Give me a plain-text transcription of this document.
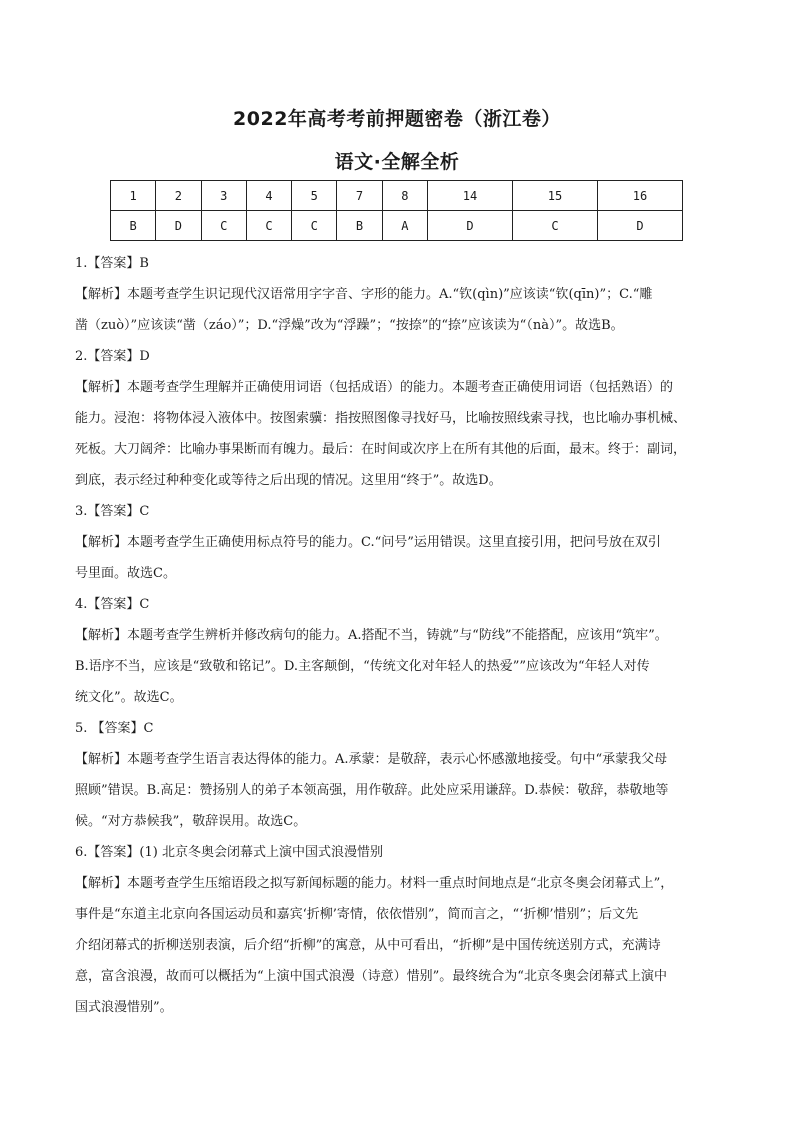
2022年高考考前押题密卷（浙江卷）
语文·全解全析
1	2	3	4	5	7	8	14	15	16
B	D	C	C	C	B	A	D	C	D
1.【答案】B
【解析】本题考查学生识记现代汉语常用字字音、字形的能力。A.“钦(qìn)”应该读“钦(qīn)”；C.“雕
凿（zuò）”应该读“凿（záo）”；D.“浮燥”改为“浮躁”；“按捺”的“捺”应该读为“（nà）”。故选B。
2.【答案】D
【解析】本题考查学生理解并正确使用词语（包括成语）的能力。本题考查正确使用词语（包括熟语）的
能力。浸泡：将物体浸入液体中。按图索骥：指按照图像寻找好马，比喻按照线索寻找，也比喻办事机械、
死板。大刀阔斧：比喻办事果断而有魄力。最后：在时间或次序上在所有其他的后面，最末。终于：副词，
到底，表示经过种种变化或等待之后出现的情况。这里用“终于”。故选D。
3.【答案】C
【解析】本题考查学生正确使用标点符号的能力。C.“问号”运用错误。这里直接引用，把问号放在双引
号里面。故选C。
4.【答案】C
【解析】本题考查学生辨析并修改病句的能力。A.搭配不当，铸就”与“防线”不能搭配，应该用“筑牢”。
B.语序不当，应该是“致敬和铭记”。D.主客颠倒，“传统文化对年轻人的热爱””应该改为“年轻人对传
统文化”。故选C。
5. 【答案】C
【解析】本题考查学生语言表达得体的能力。A.承蒙：是敬辞，表示心怀感激地接受。句中“承蒙我父母
照顾”错误。B.高足：赞扬别人的弟子本领高强，用作敬辞。此处应采用谦辞。D.恭候：敬辞，恭敬地等
候。“对方恭候我”，敬辞误用。故选C。
6.【答案】(1) 北京冬奥会闭幕式上演中国式浪漫惜别
【解析】本题考查学生压缩语段之拟写新闻标题的能力。材料一重点时间地点是“北京冬奥会闭幕式上”，
事件是“东道主北京向各国运动员和嘉宾‘折柳’寄情，依依惜别”，简而言之，“‘折柳’惜别”；后文先
介绍闭幕式的折柳送别表演，后介绍“折柳”的寓意，从中可看出，“折柳”是中国传统送别方式，充满诗
意，富含浪漫，故而可以概括为“上演中国式浪漫（诗意）惜别”。最终统合为“北京冬奥会闭幕式上演中
国式浪漫惜别”。
